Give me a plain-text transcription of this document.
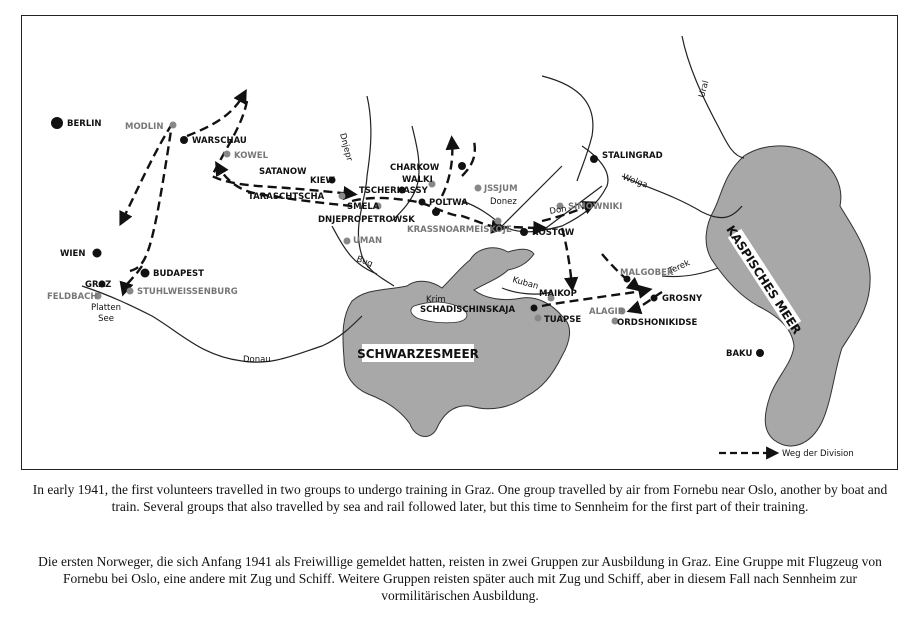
SCHWARZESMEER
KASPISCHES MEER
Dnjepr
Bug
Donau
Don
Donez
Kuban
Wolga
Ural
Terek
Krim
Platten See
BERLIN	MODLIN
WARSCHAU
KOWEL
SATANOW
KIEW
TARASCHTSCHA
SMELA
DNJEPROPETROWSK
UMAN
CHARKOW
WALKI
TSCHERKASSY
POLTWA
JSSJUM
KRASSNOARMEISKOJE ROSTOW
SIMOWNIKI
STALINGRAD
WIEN
BUDAPEST
GRAZ
FELDBACH	STUHLWEISSENBURG	MAIKOP
SCHADISCHINSKAJA
TUAPSE
ALAGIR
MALGOBEK
GROSNY
ORDSHONIKIDSE
BAKU
Weg der Division

In early 1941, the first volunteers travelled in two groups to undergo training in Graz. One group travelled by air from Fornebu near Oslo, another by boat and train. Several groups that also travelled by sea and rail followed later, but this time to Sennheim for the first part of their training.

Die ersten Norweger, die sich Anfang 1941 als Freiwillige gemeldet hatten, reisten in zwei Gruppen zur Ausbildung in Graz. Eine Gruppe mit Flugzeug von Fornebu bei Oslo, eine andere mit Zug und Schiff. Weitere Gruppen reisten später auch mit Zug und Schiff, aber in diesem Fall nach Sennheim zur vormilitärischen Ausbildung.
